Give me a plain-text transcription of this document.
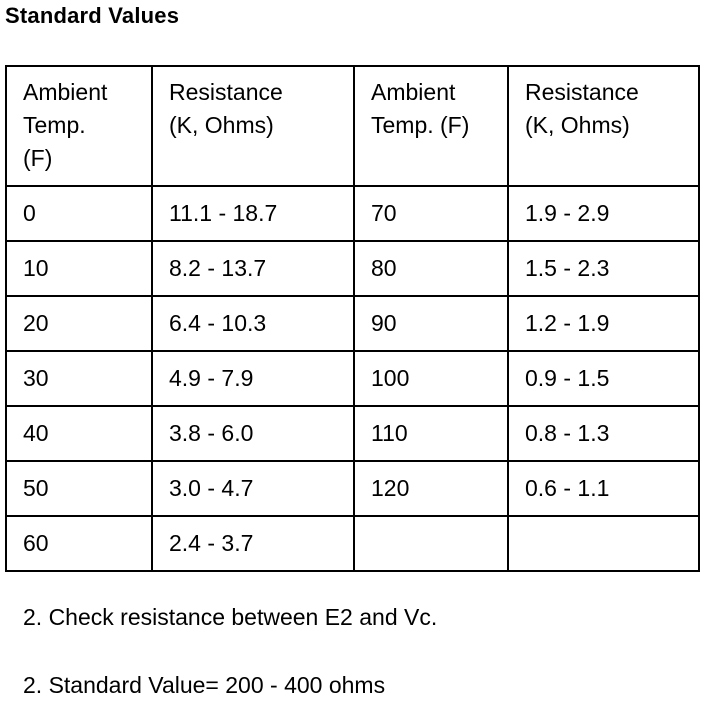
Standard Values
Ambient
Temp.
(F)	Resistance
(K, Ohms)	Ambient
Temp. (F)	Resistance
(K, Ohms)
0	11.1 - 18.7	70	1.9 - 2.9
10	8.2 - 13.7	80	1.5 - 2.3
20	6.4 - 10.3	90	1.2 - 1.9
30	4.9 - 7.9	100	0.9 - 1.5
40	3.8 - 6.0	110	0.8 - 1.3
50	3.0 - 4.7	120	0.6 - 1.1
60	2.4 - 3.7		
2. Check resistance between E2 and Vc.
2. Standard Value= 200 - 400 ohms
